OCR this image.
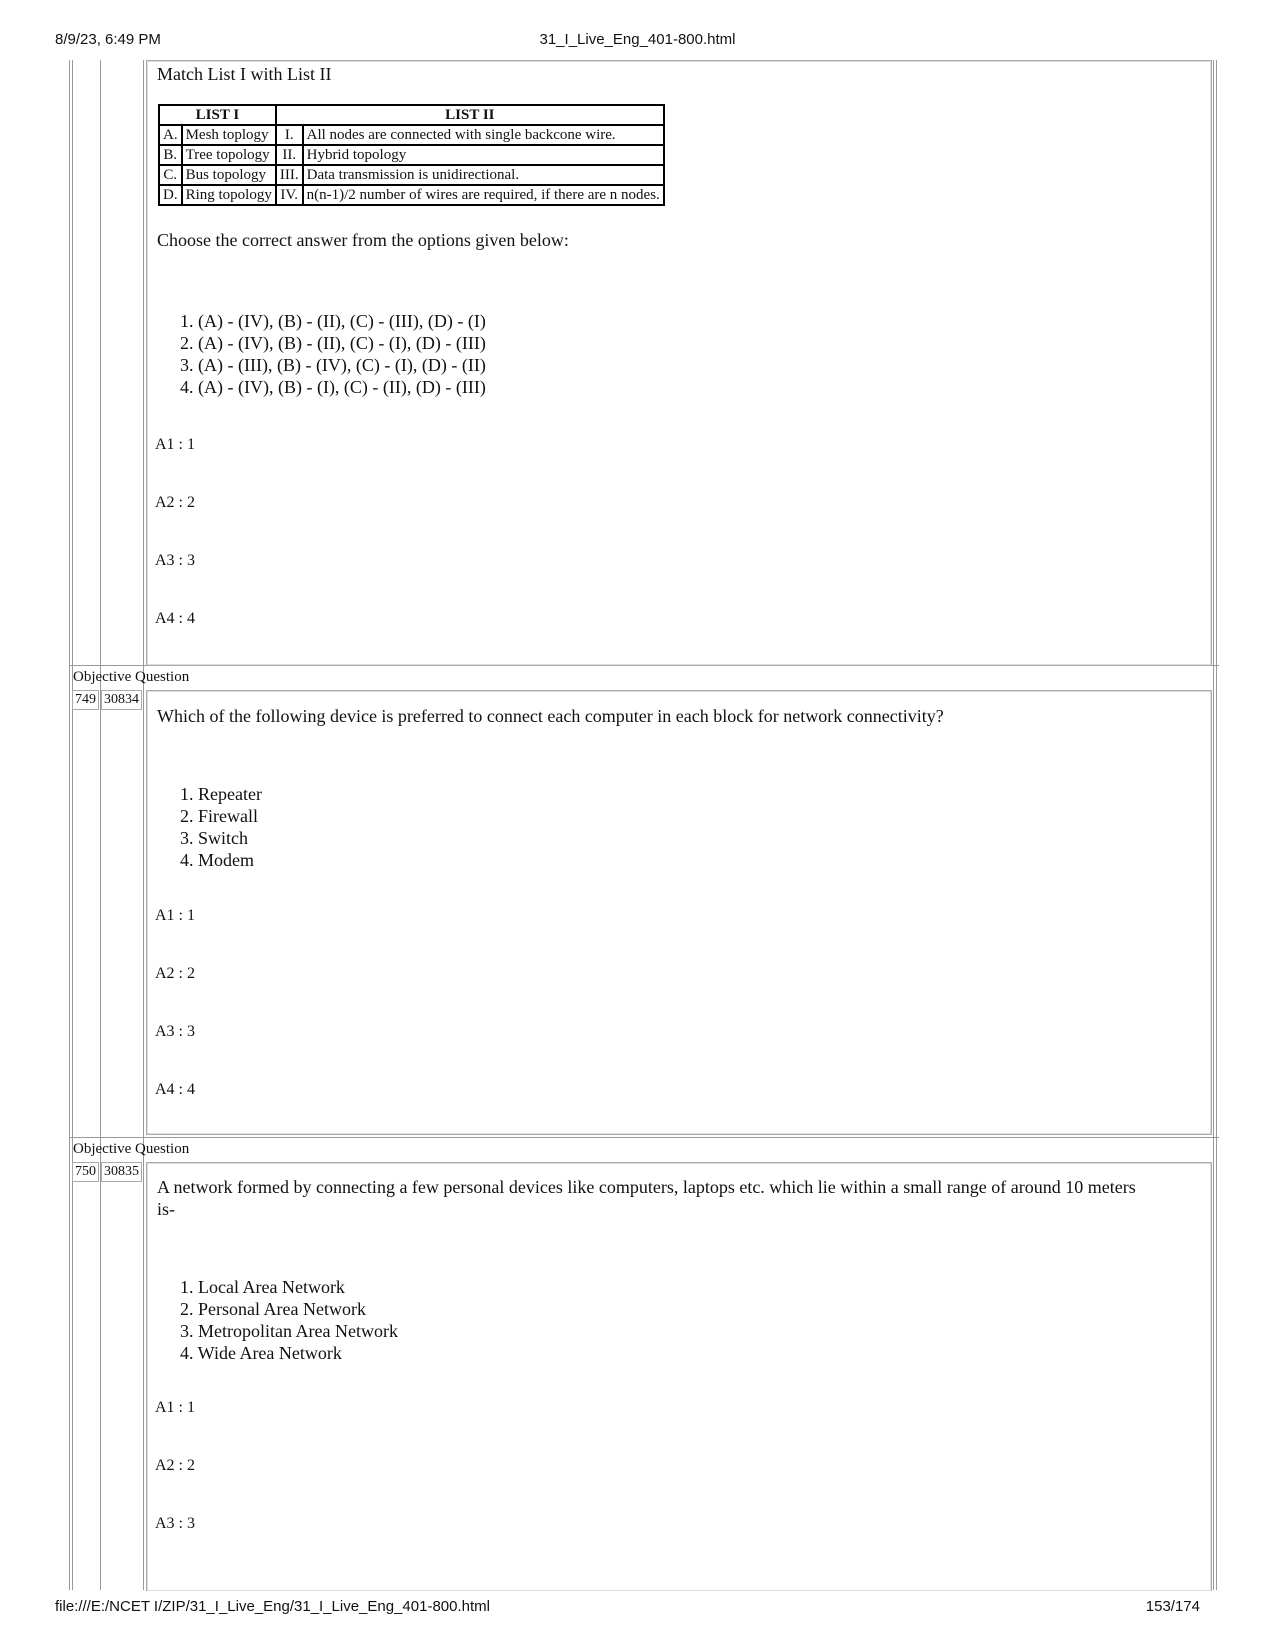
8/9/23, 6:49 PM	31_I_Live_Eng_401-800.html
file:///E:/NCET I/ZIP/31_I_Live_Eng/31_I_Live_Eng_401-800.html	153/174
Match List I with List II
LIST I		LIST II	
A.	Mesh toplogy	I.	All nodes are connected with single backcone wire.
B.	Tree topology	II.	Hybrid topology
C.	Bus topology	III.	Data transmission is unidirectional.
D.	Ring topology	IV.	n(n-1)/2 number of wires are required, if there are n nodes.
Choose the correct answer from the options given below:
1. (A) - (IV), (B) - (II), (C) - (III), (D) - (I)
2. (A) - (IV), (B) - (II), (C) - (I), (D) - (III)
3. (A) - (III), (B) - (IV), (C) - (I), (D) - (II)
4. (A) - (IV), (B) - (I), (C) - (II), (D) - (III)
A1 : 1
A2 : 2
A3 : 3
A4 : 4
Objective Question
749 30834
Which of the following device is preferred to connect each computer in each block for network connectivity?
1. Repeater
2. Firewall
3. Switch
4. Modem
A1 : 1
A2 : 2
A3 : 3
A4 : 4
Objective Question
750 30835
A network formed by connecting a few personal devices like computers, laptops etc. which lie within a small range of around 10 meters
is-
1. Local Area Network
2. Personal Area Network
3. Metropolitan Area Network
4. Wide Area Network
A1 : 1
A2 : 2
A3 : 3
